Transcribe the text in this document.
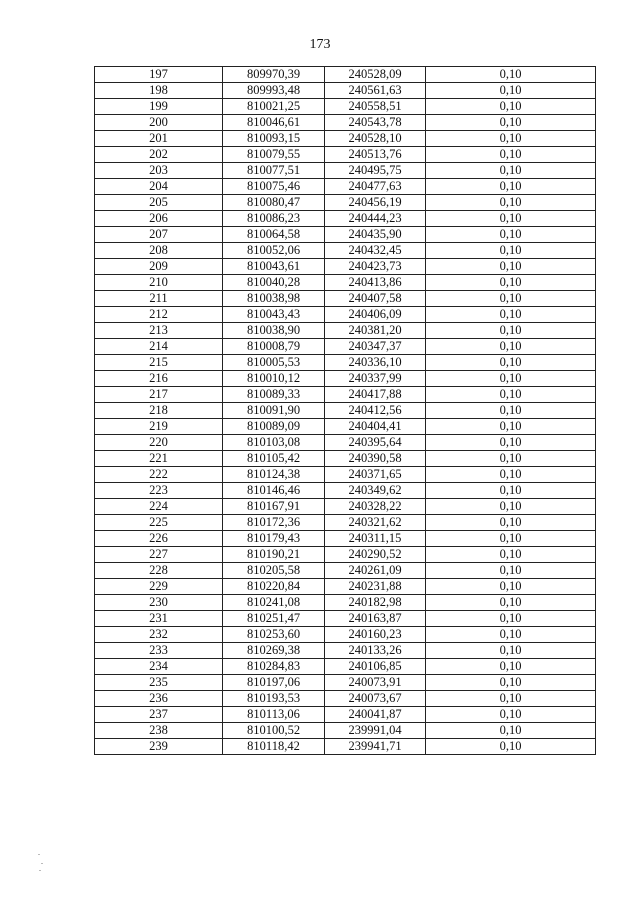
173
197	809970,39	240528,09	0,10
198	809993,48	240561,63	0,10
199	810021,25	240558,51	0,10
200	810046,61	240543,78	0,10
201	810093,15	240528,10	0,10
202	810079,55	240513,76	0,10
203	810077,51	240495,75	0,10
204	810075,46	240477,63	0,10
205	810080,47	240456,19	0,10
206	810086,23	240444,23	0,10
207	810064,58	240435,90	0,10
208	810052,06	240432,45	0,10
209	810043,61	240423,73	0,10
210	810040,28	240413,86	0,10
211	810038,98	240407,58	0,10
212	810043,43	240406,09	0,10
213	810038,90	240381,20	0,10
214	810008,79	240347,37	0,10
215	810005,53	240336,10	0,10
216	810010,12	240337,99	0,10
217	810089,33	240417,88	0,10
218	810091,90	240412,56	0,10
219	810089,09	240404,41	0,10
220	810103,08	240395,64	0,10
221	810105,42	240390,58	0,10
222	810124,38	240371,65	0,10
223	810146,46	240349,62	0,10
224	810167,91	240328,22	0,10
225	810172,36	240321,62	0,10
226	810179,43	240311,15	0,10
227	810190,21	240290,52	0,10
228	810205,58	240261,09	0,10
229	810220,84	240231,88	0,10
230	810241,08	240182,98	0,10
231	810251,47	240163,87	0,10
232	810253,60	240160,23	0,10
233	810269,38	240133,26	0,10
234	810284,83	240106,85	0,10
235	810197,06	240073,91	0,10
236	810193,53	240073,67	0,10
237	810113,06	240041,87	0,10
238	810100,52	239991,04	0,10
239	810118,42	239941,71	0,10
